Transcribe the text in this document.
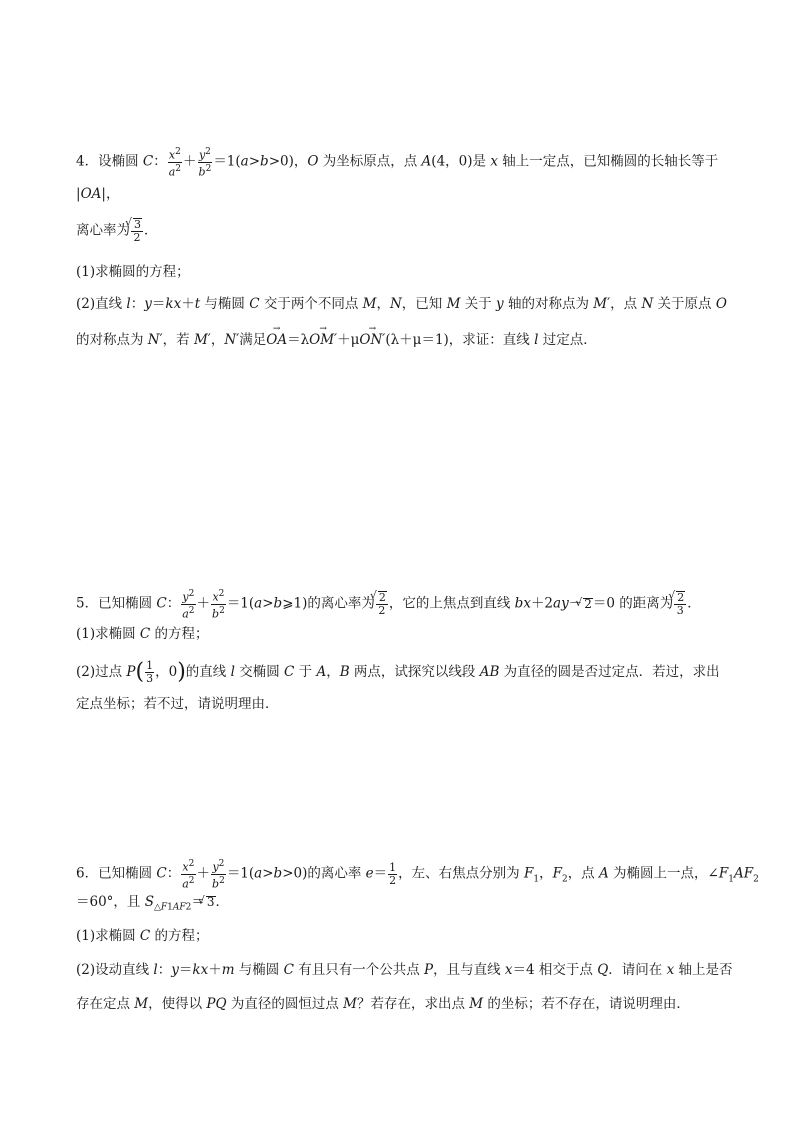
4．设椭圆 C： $\frac{x^2}{a^2} + \frac{y^2}{b^2} =1(a>b>0)$，O 为坐标原点，点 A(4，0)是 x 轴上一定点，已知椭圆的长轴长等于
|OA|，
离心率为
√ $\frac{3}{2}$ ．
(1)求椭圆的方程；
(2)直线 l：y＝kx＋t 与椭圆 C 交于两个不同点 M，N，已知 M 关于 y 轴的对称点为 M′，点 N 关于原点 O
的对称点为 N′，若 M′，N′满足OA →＝λOM′ →＋μON′ →(λ＋μ＝1)，求证：直线 l 过定点．
5．已知椭圆 C： $\frac{y^2}{a^2} + \frac{x^2}{b^2}$ ＝1(a>b⩾1)的离心率为
√ $\frac{2}{2}$ ，它的上焦点到直线 bx＋2ay－√ 2＝0 的距离为
√ $\frac{2}{3}$ ．
(1)求椭圆 C 的方程；
(2)过点 $P( \frac{1}{3}$ ，0)的直线 l 交椭圆 C 于 A，B 两点，试探究以线段 AB 为直径的圆是否过定点．若过，求出
定点坐标；若不过，请说明理由．
6．已知椭圆 C： $\frac{x^2}{a^2} + \frac{y^2}{b^2} =1(a>b>0)$的离心率 $e= \frac{1}{2}$ ，左、右焦点分别为 $F_1$，$F_2$，点 A 为椭圆上一点，$\angle F_1AF_2$
＝60°，且 $S_{\triangle F1AF2}=√$ 3．
(1)求椭圆 C 的方程；
(2)设动直线 l：y＝kx＋m 与椭圆 C 有且只有一个公共点 P，且与直线 x＝4 相交于点 Q．请问在 x 轴上是否
存在定点 M，使得以 PQ 为直径的圆恒过点 M？若存在，求出点 M 的坐标；若不存在，请说明理由．
